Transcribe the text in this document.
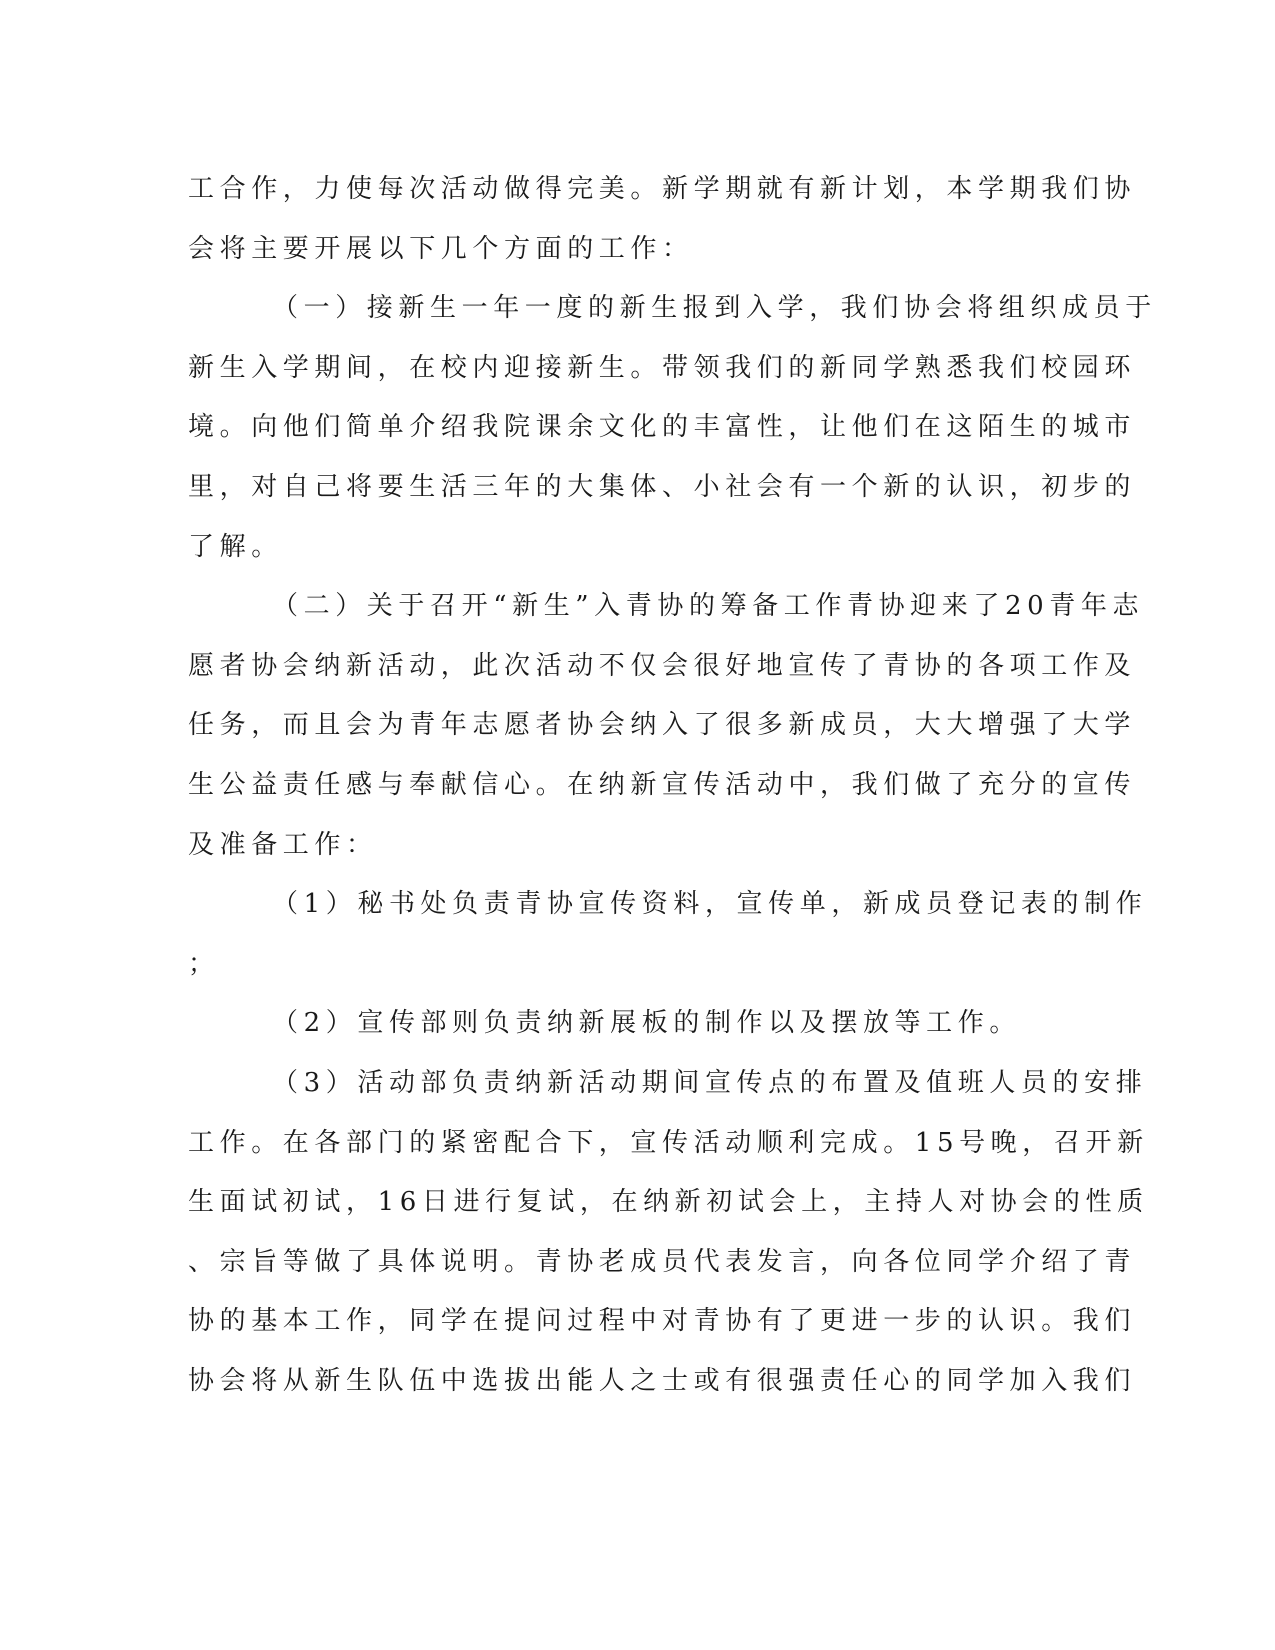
工合作，力使每次活动做得完美。新学期就有新计划，本学期我们协
会将主要开展以下几个方面的工作：
（一）接新生一年一度的新生报到入学，我们协会将组织成员于
新生入学期间，在校内迎接新生。带领我们的新同学熟悉我们校园环
境。向他们简单介绍我院课余文化的丰富性，让他们在这陌生的城市
里，对自己将要生活三年的大集体、小社会有一个新的认识，初步的
了解。
（二）关于召开“新生”入青协的筹备工作青协迎来了20青年志
愿者协会纳新活动，此次活动不仅会很好地宣传了青协的各项工作及
任务，而且会为青年志愿者协会纳入了很多新成员，大大增强了大学
生公益责任感与奉献信心。在纳新宣传活动中，我们做了充分的宣传
及准备工作：
（1）秘书处负责青协宣传资料，宣传单，新成员登记表的制作
；
（2）宣传部则负责纳新展板的制作以及摆放等工作。
（3）活动部负责纳新活动期间宣传点的布置及值班人员的安排
工作。在各部门的紧密配合下，宣传活动顺利完成。15号晚，召开新
生面试初试，16日进行复试，在纳新初试会上，主持人对协会的性质
、宗旨等做了具体说明。青协老成员代表发言，向各位同学介绍了青
协的基本工作，同学在提问过程中对青协有了更进一步的认识。我们
协会将从新生队伍中选拔出能人之士或有很强责任心的同学加入我们
